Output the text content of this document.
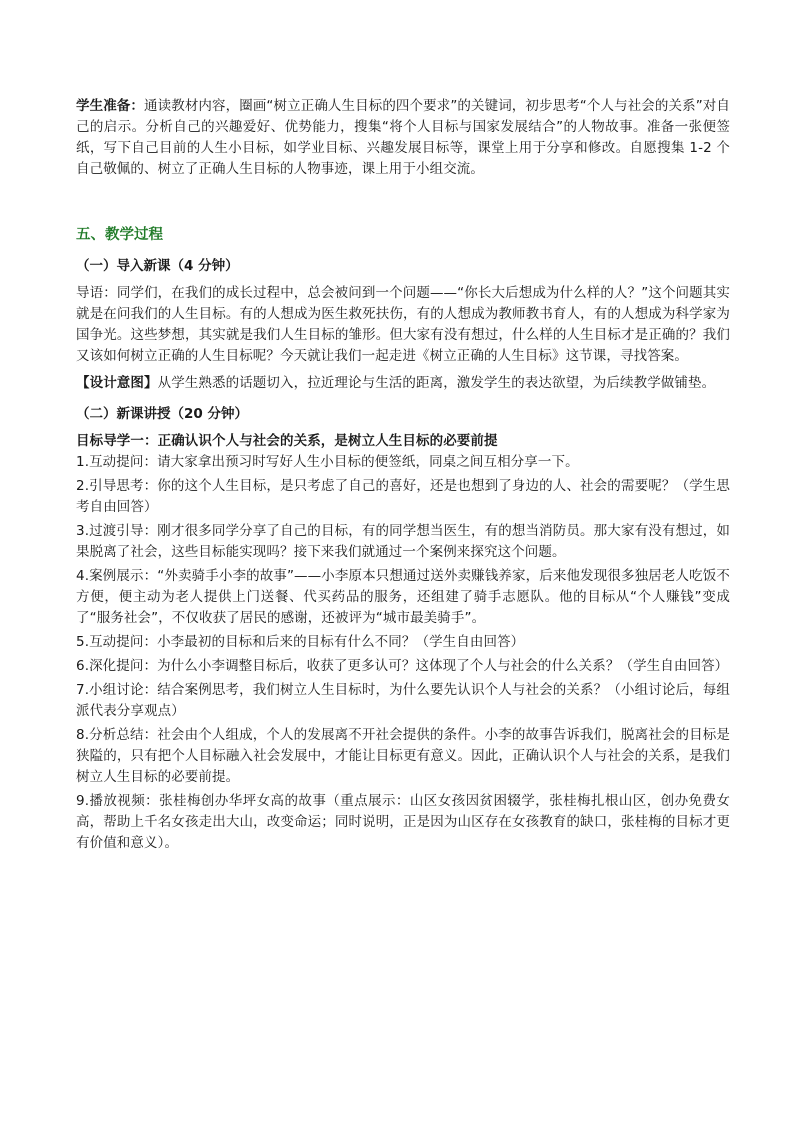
学生准备：通读教材内容，圈画“树立正确人生目标的四个要求”的关键词，初步思考“个人与社会的关系”对自己的启示。分析自己的兴趣爱好、优势能力，搜集“将个人目标与国家发展结合”的人物故事。准备一张便签纸，写下自己目前的人生小目标，如学业目标、兴趣发展目标等，课堂上用于分享和修改。自愿搜集 1-2 个自己敬佩的、树立了正确人生目标的人物事迹，课上用于小组交流。

五、教学过程
（一）导入新课（4 分钟）

导语：同学们，在我们的成长过程中，总会被问到一个问题——“你长大后想成为什么样的人？”这个问题其实就是在问我们的人生目标。有的人想成为医生救死扶伤，有的人想成为教师教书育人，有的人想成为科学家为国争光。这些梦想，其实就是我们人生目标的雏形。但大家有没有想过，什么样的人生目标才是正确的？我们又该如何树立正确的人生目标呢？今天就让我们一起走进《树立正确的人生目标》这节课，寻找答案。

【设计意图】从学生熟悉的话题切入，拉近理论与生活的距离，激发学生的表达欲望，为后续教学做铺垫。

（二）新课讲授（20 分钟）

目标导学一：正确认识个人与社会的关系，是树立人生目标的必要前提

1.互动提问：请大家拿出预习时写好人生小目标的便签纸，同桌之间互相分享一下。

2.引导思考：你的这个人生目标，是只考虑了自己的喜好，还是也想到了身边的人、社会的需要呢？（学生思考自由回答）

3.过渡引导：刚才很多同学分享了自己的目标，有的同学想当医生，有的想当消防员。那大家有没有想过，如果脱离了社会，这些目标能实现吗？接下来我们就通过一个案例来探究这个问题。

4.案例展示：“外卖骑手小李的故事”——小李原本只想通过送外卖赚钱养家，后来他发现很多独居老人吃饭不方便，便主动为老人提供上门送餐、代买药品的服务，还组建了骑手志愿队。他的目标从“个人赚钱”变成了“服务社会”，不仅收获了居民的感谢，还被评为“城市最美骑手”。

5.互动提问：小李最初的目标和后来的目标有什么不同？（学生自由回答）

6.深化提问：为什么小李调整目标后，收获了更多认可？这体现了个人与社会的什么关系？（学生自由回答）

7.小组讨论：结合案例思考，我们树立人生目标时，为什么要先认识个人与社会的关系？（小组讨论后，每组派代表分享观点）

8.分析总结：社会由个人组成，个人的发展离不开社会提供的条件。小李的故事告诉我们，脱离社会的目标是狭隘的，只有把个人目标融入社会发展中，才能让目标更有意义。因此，正确认识个人与社会的关系，是我们树立人生目标的必要前提。

9.播放视频：张桂梅创办华坪女高的故事（重点展示：山区女孩因贫困辍学，张桂梅扎根山区，创办免费女高，帮助上千名女孩走出大山，改变命运；同时说明，正是因为山区存在女孩教育的缺口，张桂梅的目标才更有价值和意义）。
